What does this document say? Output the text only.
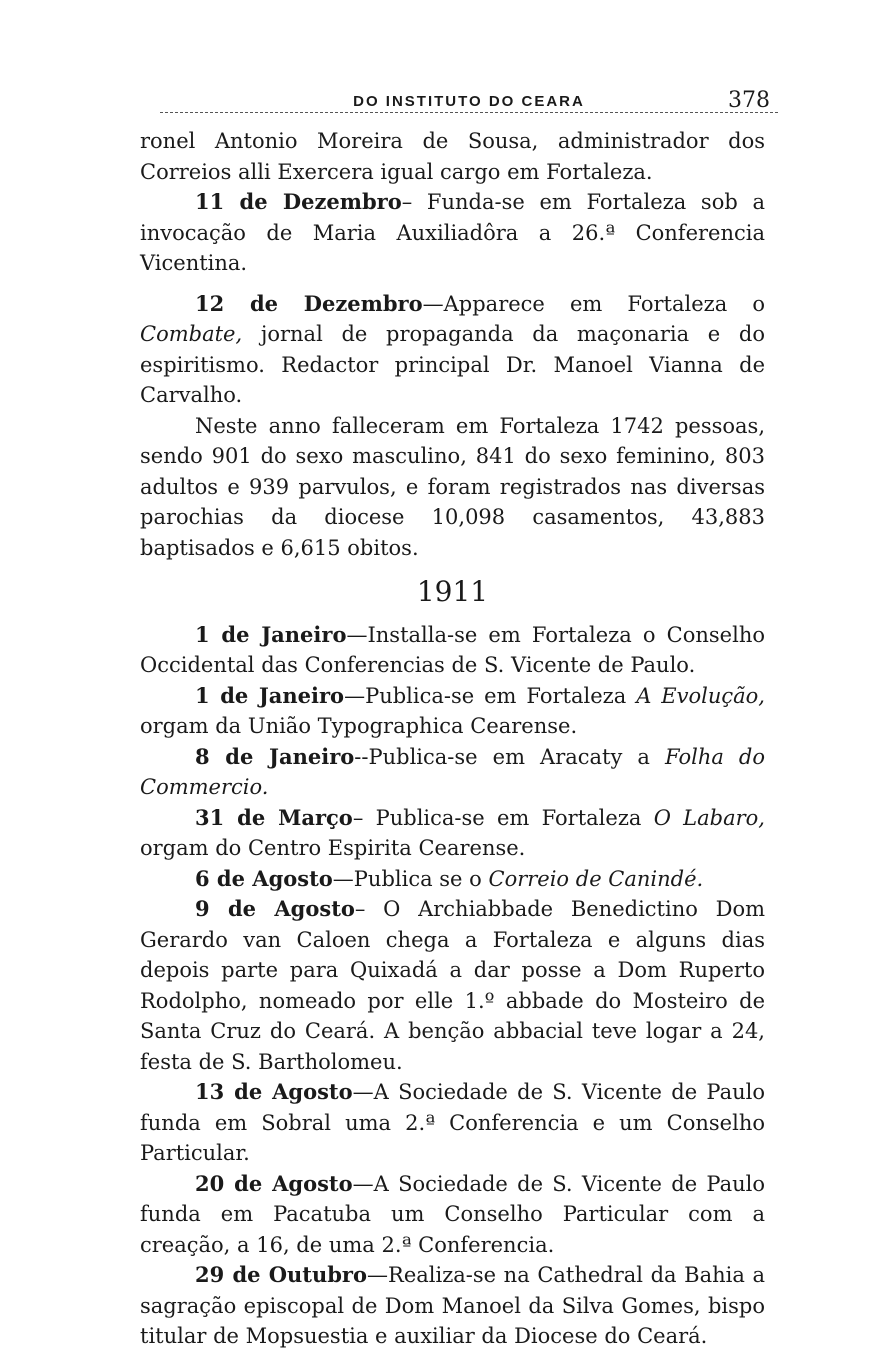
DO INSTITUTO DO CEARA	378

ronel Antonio Moreira de Sousa, administrador dos Correios alli Exercera igual cargo em Fortaleza.

11 de Dezembro– Funda-se em Fortaleza sob a invocação de Maria Auxiliadôra a 26.ª Conferencia Vicentina.

12 de Dezembro—Apparece em Fortaleza o Combate, jornal de propaganda da maçonaria e do espiritismo. Redactor principal Dr. Manoel Vianna de Carvalho.

Neste anno falleceram em Fortaleza 1742 pessoas, sendo 901 do sexo masculino, 841 do sexo feminino, 803 adultos e 939 parvulos, e foram registrados nas diversas parochias da diocese 10,098 casamentos, 43,883 baptisados e 6,615 obitos.

1911

1 de Janeiro—Installa-se em Fortaleza o Conselho Occidental das Conferencias de S. Vicente de Paulo.

1 de Janeiro—Publica-se em Fortaleza A Evolução, orgam da União Typographica Cearense.

8 de Janeiro--Publica-se em Aracaty a Folha do Commercio.

31 de Março– Publica-se em Fortaleza O Labaro, orgam do Centro Espirita Cearense.

6 de Agosto—Publica se o Correio de Canindé.

9 de Agosto– O Archiabbade Benedictino Dom Gerardo van Caloen chega a Fortaleza e alguns dias depois parte para Quixadá a dar posse a Dom Ruperto Rodolpho, nomeado por elle 1.º abbade do Mosteiro de Santa Cruz do Ceará. A benção abbacial teve logar a 24, festa de S. Bartholomeu.

13 de Agosto—A Sociedade de S. Vicente de Paulo funda em Sobral uma 2.ª Conferencia e um Conselho Particular.

20 de Agosto—A Sociedade de S. Vicente de Paulo funda em Pacatuba um Conselho Particular com a creação, a 16, de uma 2.ª Conferencia.

29 de Outubro—Realiza-se na Cathedral da Bahia a sagração episcopal de Dom Manoel da Silva Gomes, bispo titular de Mopsuestia e auxiliar da Diocese do Ceará.
